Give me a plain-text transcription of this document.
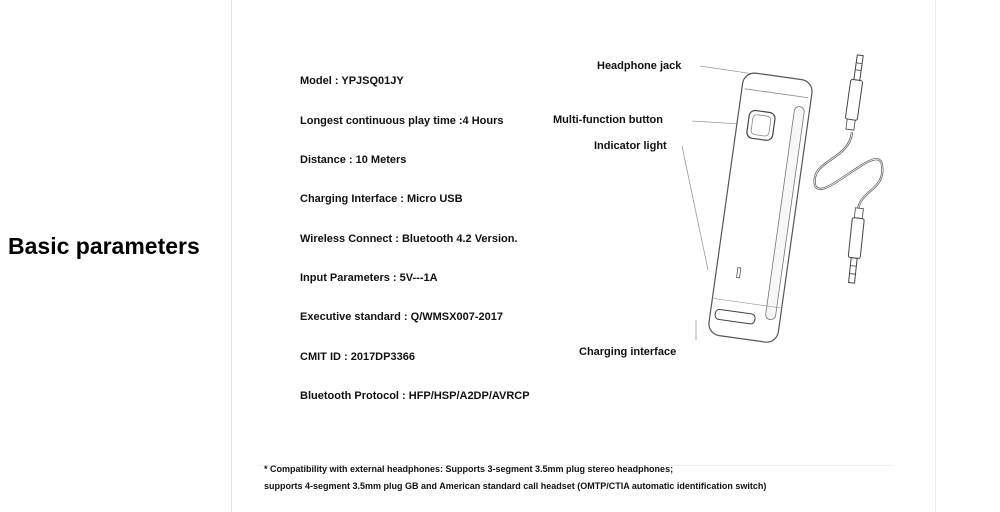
Basic parameters
Model : YPJSQ01JY
Longest continuous play time :4 Hours
Distance : 10 Meters
Charging Interface : Micro USB
Wireless Connect : Bluetooth 4.2 Version.
Input Parameters : 5V---1A
Executive standard : Q/WMSX007-2017
CMIT ID : 2017DP3366
Bluetooth Protocol : HFP/HSP/A2DP/AVRCP
Headphone jack
Multi-function button
Indicator light
Charging interface
* Compatibility with external headphones: Supports 3-segment 3.5mm plug stereo headphones;
supports 4-segment 3.5mm plug GB and American standard call headset (OMTP/CTIA automatic identification switch)
